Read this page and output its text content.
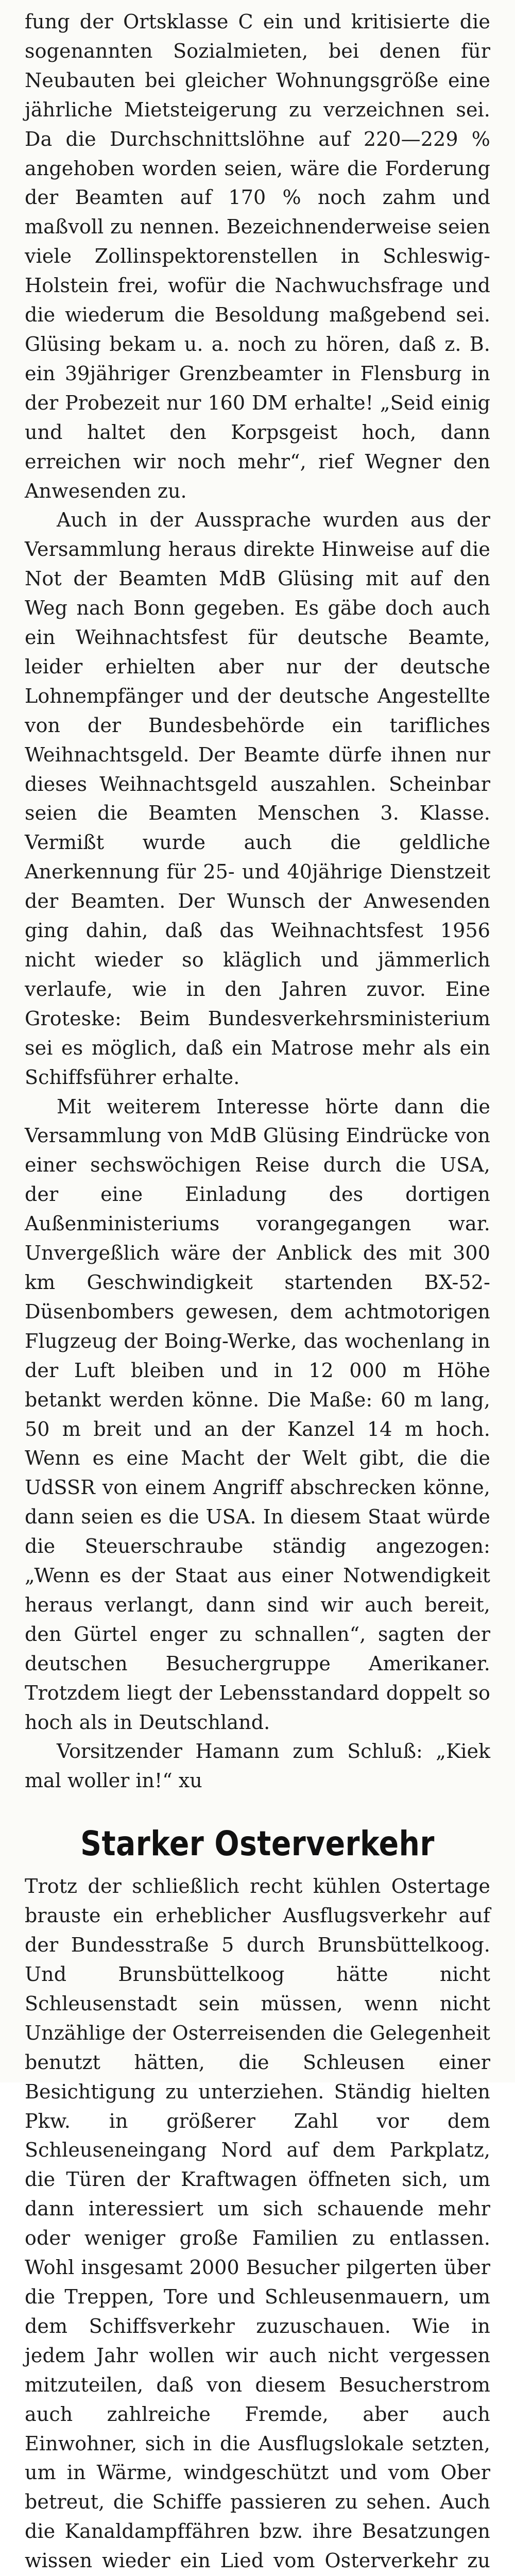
fung der Ortsklasse C ein und kritisierte die sogenannten Sozialmieten, bei denen für Neubauten bei gleicher Wohnungsgröße eine jährliche Mietsteigerung zu verzeichnen sei. Da die Durchschnittslöhne auf 220—229 % angehoben worden seien, wäre die Forderung der Beamten auf 170 % noch zahm und maßvoll zu nennen. Bezeichnenderweise seien viele Zollinspektorenstellen in Schleswig-Holstein frei, wofür die Nachwuchsfrage und die wiederum die Besoldung maßgebend sei. Glüsing bekam u. a. noch zu hören, daß z. B. ein 39jähriger Grenzbeamter in Flensburg in der Probezeit nur 160 DM erhalte! „Seid einig und haltet den Korpsgeist hoch, dann erreichen wir noch mehr“, rief Wegner den Anwesenden zu.

Auch in der Aussprache wurden aus der Versammlung heraus direkte Hinweise auf die Not der Beamten MdB Glüsing mit auf den Weg nach Bonn gegeben. Es gäbe doch auch ein Weihnachtsfest für deutsche Beamte, leider erhielten aber nur der deutsche Lohnempfänger und der deutsche Angestellte von der Bundesbehörde ein tarifliches Weihnachtsgeld. Der Beamte dürfe ihnen nur dieses Weihnachtsgeld auszahlen. Scheinbar seien die Beamten Menschen 3. Klasse. Vermißt wurde auch die geldliche Anerkennung für 25- und 40jährige Dienstzeit der Beamten. Der Wunsch der Anwesenden ging dahin, daß das Weihnachtsfest 1956 nicht wieder so kläglich und jämmerlich verlaufe, wie in den Jahren zuvor. Eine Groteske: Beim Bundesverkehrsministerium sei es möglich, daß ein Matrose mehr als ein Schiffsführer erhalte.

Mit weiterem Interesse hörte dann die Versammlung von MdB Glüsing Eindrücke von einer sechswöchigen Reise durch die USA, der eine Einladung des dortigen Außenministeriums vorangegangen war. Unvergeßlich wäre der Anblick des mit 300 km Geschwindigkeit startenden BX-52-Düsenbombers gewesen, dem achtmotorigen Flugzeug der Boing-Werke, das wochenlang in der Luft bleiben und in 12 000 m Höhe betankt werden könne. Die Maße: 60 m lang, 50 m breit und an der Kanzel 14 m hoch. Wenn es eine Macht der Welt gibt, die die UdSSR von einem Angriff abschrecken könne, dann seien es die USA. In diesem Staat würde die Steuerschraube ständig angezogen: „Wenn es der Staat aus einer Notwendigkeit heraus verlangt, dann sind wir auch bereit, den Gürtel enger zu schnallen“, sagten der deutschen Besuchergruppe Amerikaner. Trotzdem liegt der Lebensstandard doppelt so hoch als in Deutschland.

Vorsitzender Hamann zum Schluß: „Kiek mal woller in!“ xu

Starker Osterverkehr

Trotz der schließlich recht kühlen Ostertage brauste ein erheblicher Ausflugsverkehr auf der Bundesstraße 5 durch Brunsbüttelkoog. Und Brunsbüttelkoog hätte nicht Schleusenstadt sein müssen, wenn nicht Unzählige der Osterreisenden die Gelegenheit benutzt hätten, die Schleusen einer Besichtigung zu unterziehen. Ständig hielten Pkw. in größerer Zahl vor dem Schleuseneingang Nord auf dem Parkplatz, die Türen der Kraftwagen öffneten sich, um dann interessiert um sich schauende mehr oder weniger große Familien zu entlassen. Wohl insgesamt 2000 Besucher pilgerten über die Treppen, Tore und Schleusenmauern, um dem Schiffsverkehr zuzuschauen. Wie in jedem Jahr wollen wir auch nicht vergessen mitzuteilen, daß von diesem Besucherstrom auch zahlreiche Fremde, aber auch Einwohner, sich in die Ausflugslokale setzten, um in Wärme, windgeschützt und vom Ober betreut, die Schiffe passieren zu sehen. Auch die Kanaldampffähren bzw. ihre Besatzungen wissen wieder ein Lied vom Osterverkehr zu
